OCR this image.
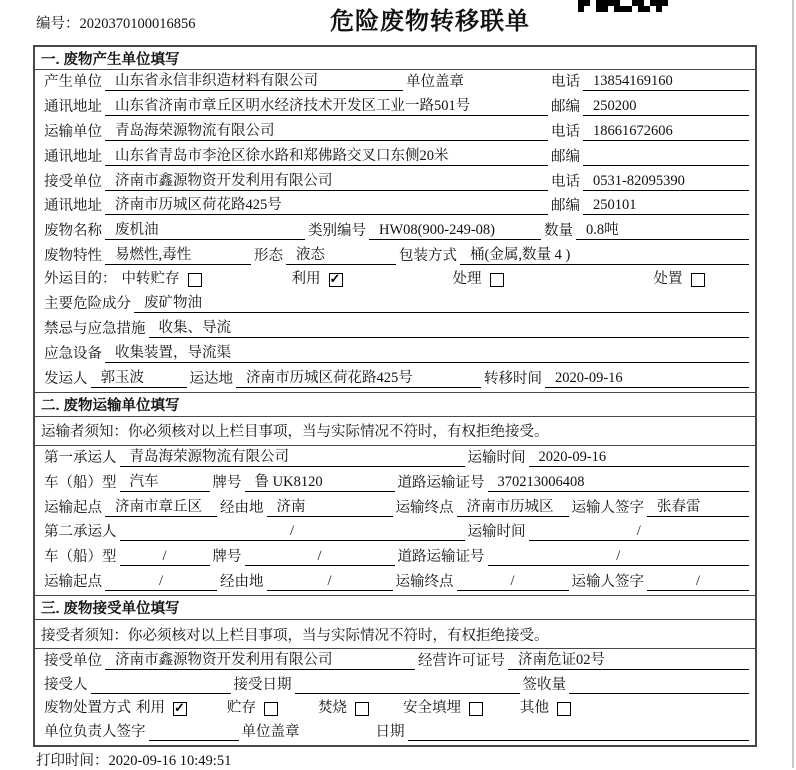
编号：2020370100016856	危险废物转移联单
一. 废物产生单位填写
产生单位 山东省永信非织造材料有限公司	单位盖章	电话 13854169160
通讯地址 山东省济南市章丘区明水经济技术开发区工业一路501号	邮编 250200
运输单位 青岛海荣源物流有限公司	电话 18661672606
通讯地址 山东省青岛市李沧区徐水路和郑佛路交叉口东侧20米	邮编
接受单位 济南市鑫源物资开发利用有限公司	电话 0531-82095390
通讯地址 济南市历城区荷花路425号	邮编 250101
废物名称 废机油	类别编号 HW08(900-249-08)	数量 0.8吨
废物特性 易燃性,毒性	形态 液态	包装方式 桶(金属,数量 4 )
外运目的： 中转贮存	利用 ✓	处理	处置
主要危险成分 废矿物油
禁忌与应急措施 收集、导流
应急设备 收集装置，导流渠
发运人 郭玉波	运达地 济南市历城区荷花路425号	转移时间 2020-09-16
二. 废物运输单位填写
运输者须知：你必须核对以上栏目事项，当与实际情况不符时，有权拒绝接受。
第一承运人 青岛海荣源物流有限公司	运输时间 2020-09-16
车（船）型 汽车	牌号 鲁 UK8120	道路运输证号 370213006408
运输起点 济南市章丘区	经由地 济南	运输终点 济南市历城区	运输人签字 张春雷
第二承运人	/	运输时间	/
车（船）型	/	牌号	/	道路运输证号	/
运输起点	/	经由地	/	运输终点	/	运输人签字	/
三. 废物接受单位填写
接受者须知：你必须核对以上栏目事项，当与实际情况不符时，有权拒绝接受。
接受单位 济南市鑫源物资开发利用有限公司	经营许可证号 济南危证02号
接受人	接受日期	签收量
废物处置方式 利用 ✓	贮存	焚烧	安全填埋	其他
单位负责人签字	单位盖章	日期
打印时间：2020-09-16 10:49:51
